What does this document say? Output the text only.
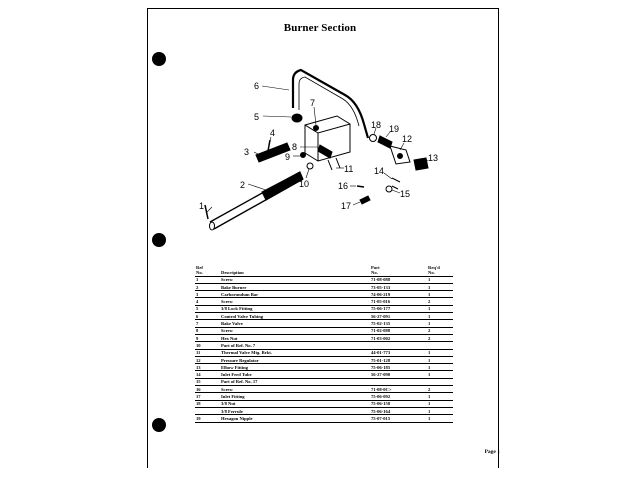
Burner Section
1
2
3
4
5
6
7
8
9
10
11
12
13
14
15
16
17
18 19
Ref		Part	Req'd
No.	Description	No.	No.
1	Screw	71-08-088	1
2	Bake Burner	73-05-133	1
3	Carborundum Bar	74-06-219	1
4	Screw	71-05-016	2
5	3/8 Lock Fitting	75-06-177	1
6	Control Valve Tubing	56-27-091	1
7	Bake Valve	75-02-135	1
8	Screw	71-02-088	2
9	Hex Nut	71-03-002	2
10	Part of Ref. No. 7		
11	Thermal Valve Mtg. Brkt.	44-01-773	1
12	Pressure Regulator	75-01-128	1
13	Elbow Fitting	75-06-185	1
14	Inlet Feed Tube	56-27-090	1
15	Part of Ref. No. 17		
16	Screw	71-08-0C>	2
17	Inlet Fitting	75-06-092	1
18	3/8 Nut	75-06-158	1
	3/8 Ferrule	75-06-164	1
19	Hexagon Nipple	75-07-015	1
Page 1
